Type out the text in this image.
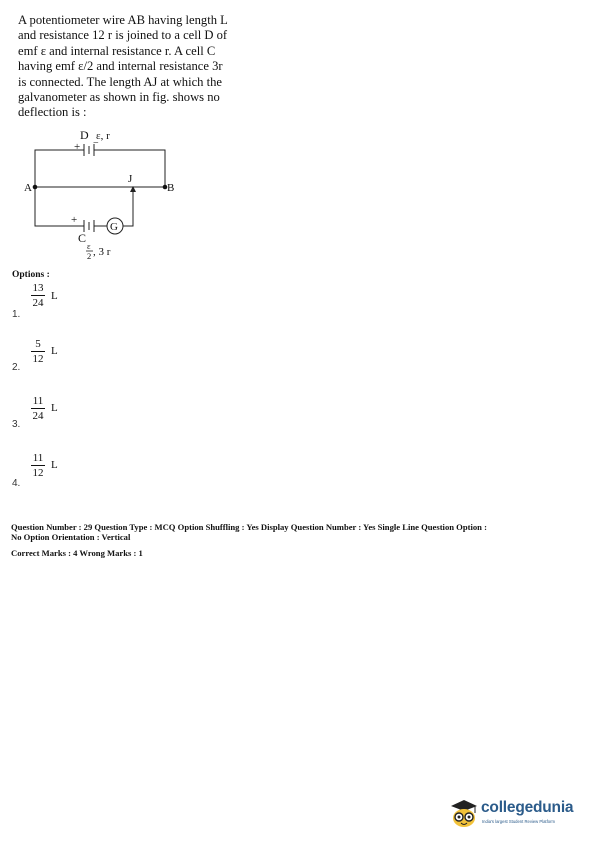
A potentiometer wire AB having length L
and resistance 12 r is joined to a cell D of
emf ε and internal resistance r. A cell C
having emf ε/2 and internal resistance 3r
is connected. The length AJ at which the
galvanometer as shown in fig. shows no
deflection is :
D ε, r
+ −
A	B
J
+
C
G
ε
2 , 3 r
Options :
1.
13
24
L
2.
5
12
L
3.
11
24
L
4.
11
12
L
Question Number : 29 Question Type : MCQ Option Shuffling : Yes Display Question Number : Yes Single Line Question Option :
No Option Orientation : Vertical
Correct Marks : 4 Wrong Marks : 1
collegedunia
India's largest Student Review Platform
